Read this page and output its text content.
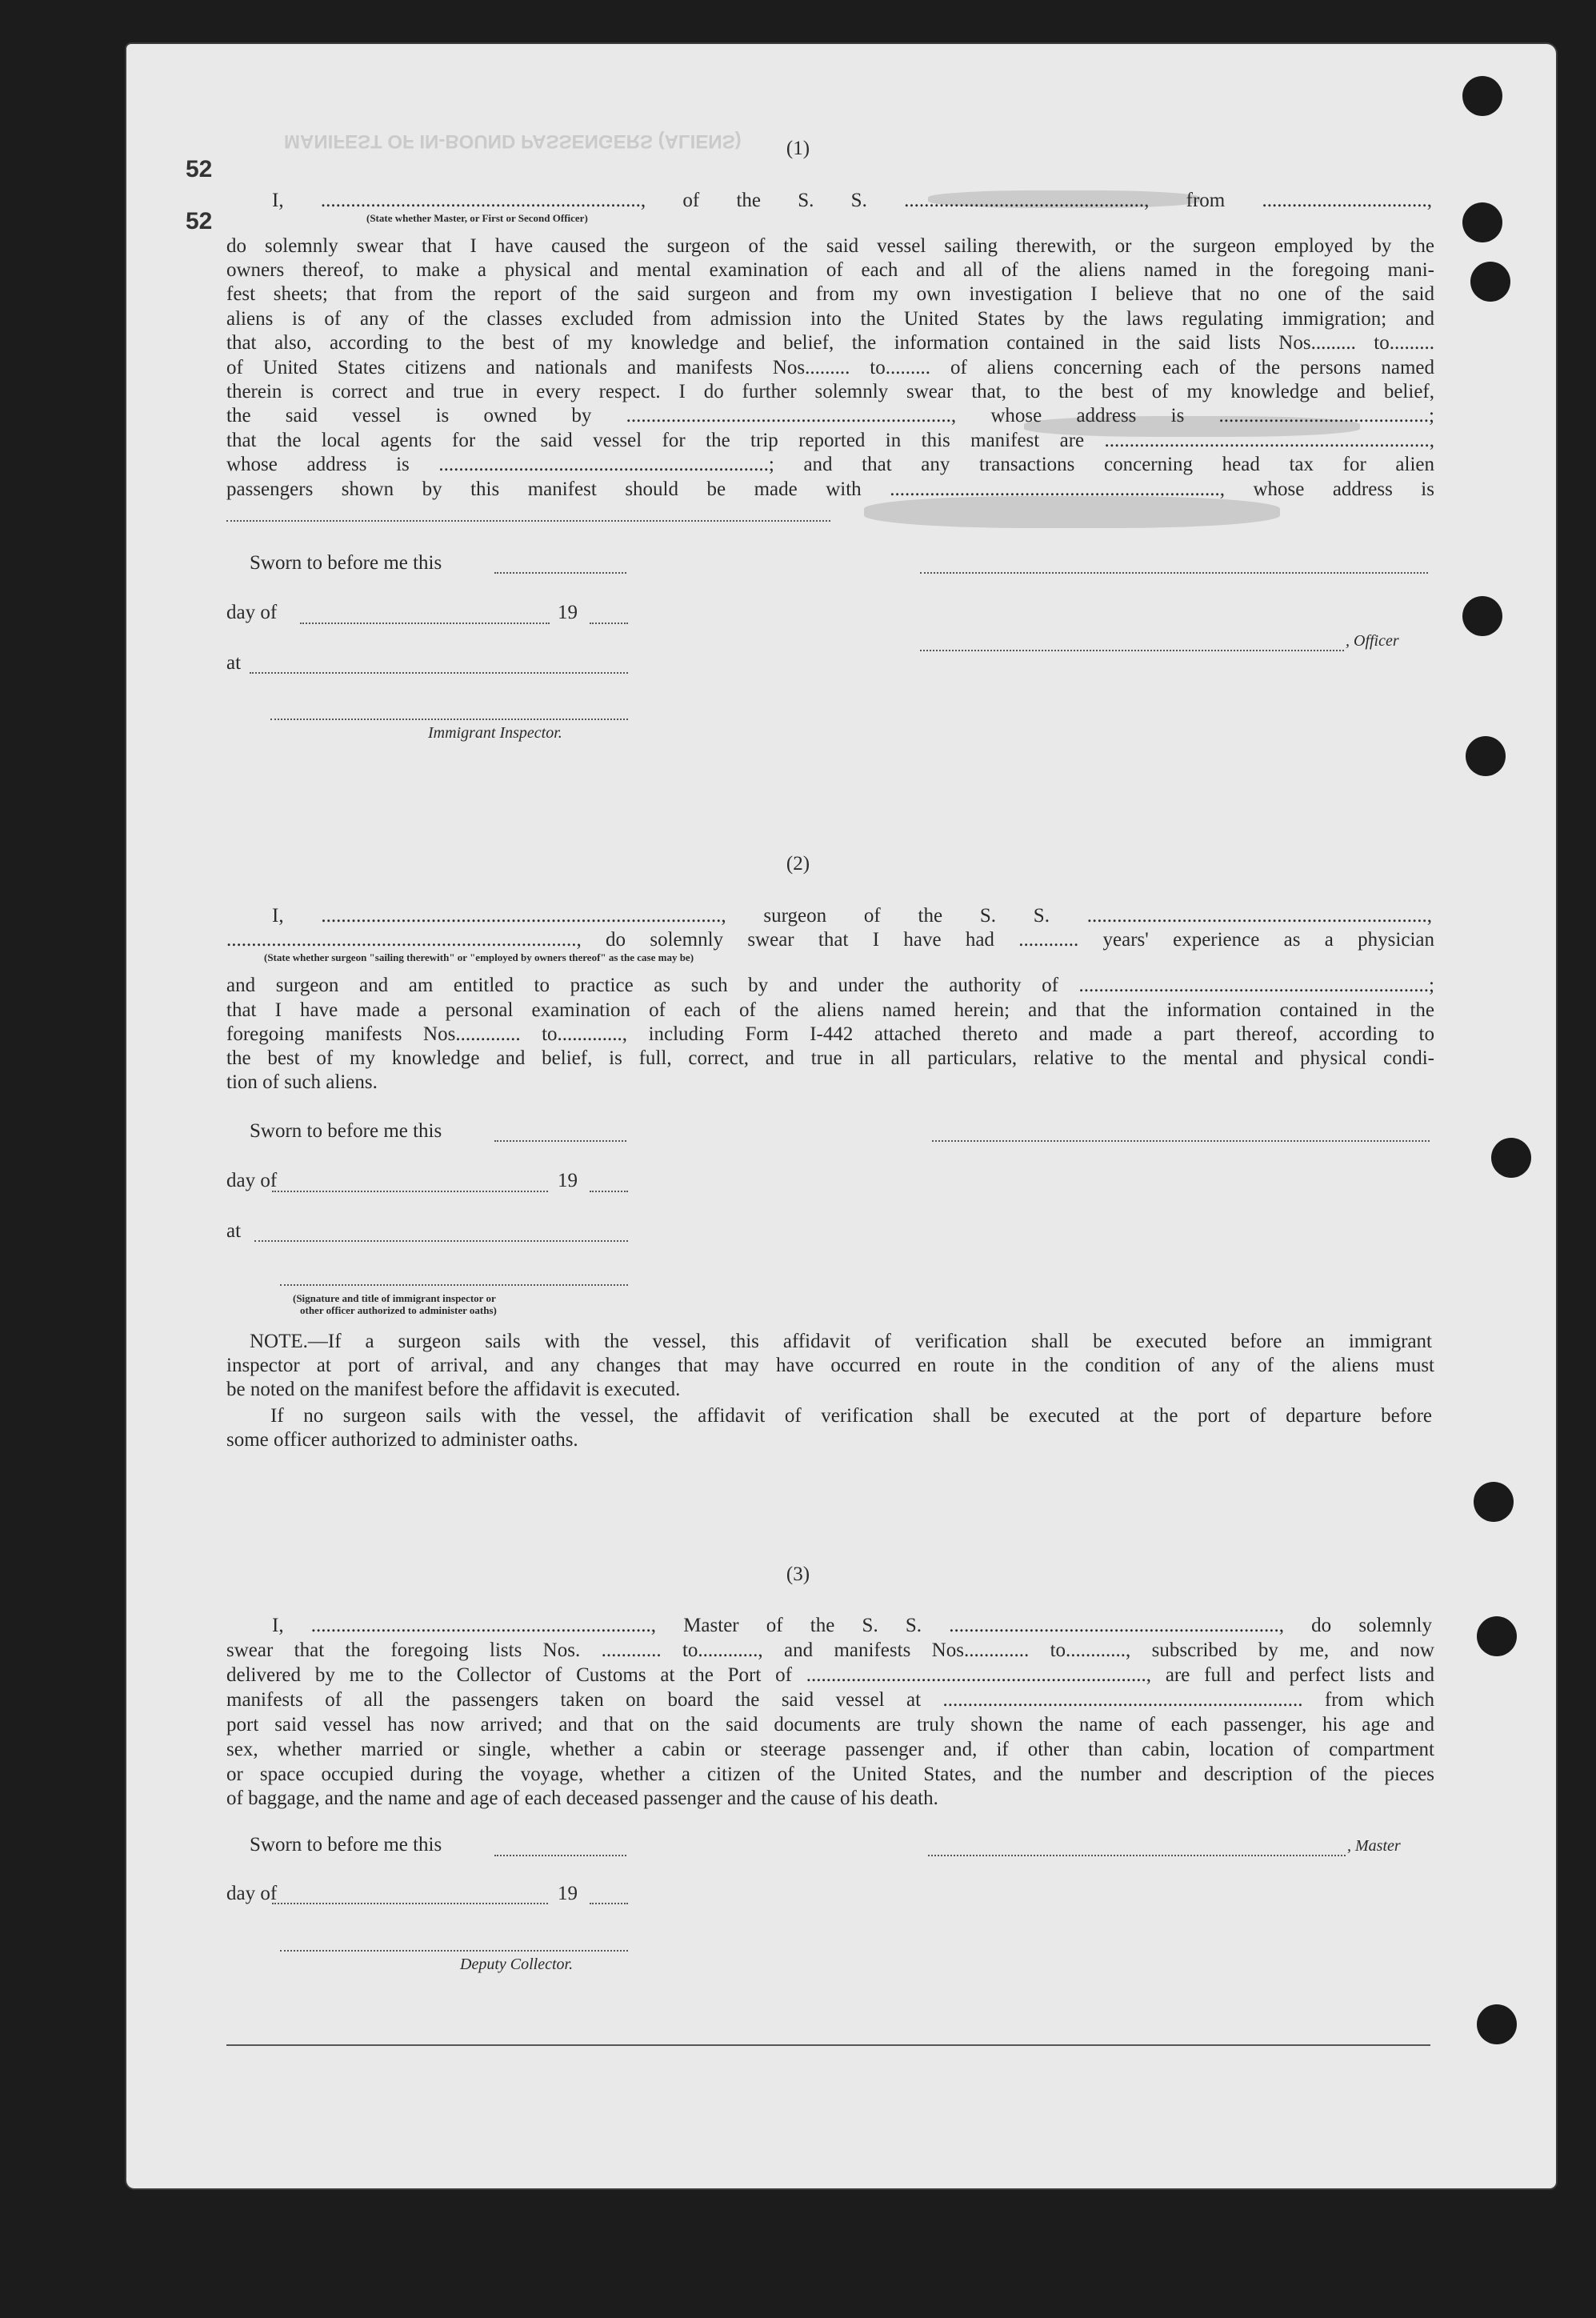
MANIFEST OF IN-BOUND PASSENGERS (ALIENS)
52
52
(1)
I, ................................................................, of the S. S. ................................................, from .................................,
(State whether Master, or First or Second Officer)
do solemnly swear that I have caused the surgeon of the said vessel sailing therewith, or the surgeon employed by the
owners thereof, to make a physical and mental examination of each and all of the aliens named in the foregoing mani-
fest sheets; that from the report of the said surgeon and from my own investigation I believe that no one of the said
aliens is of any of the classes excluded from admission into the United States by the laws regulating immigration; and
that also, according to the best of my knowledge and belief, the information contained in the said lists Nos......... to.........
of United States citizens and nationals and manifests Nos......... to......... of aliens concerning each of the persons named
therein is correct and true in every respect. I do further solemnly swear that, to the best of my knowledge and belief,
the said vessel is owned by ................................................................., whose address is ..........................................;
that the local agents for the said vessel for the trip reported in this manifest are .................................................................,
whose address is ..................................................................; and that any transactions concerning head tax for alien
passengers shown by this manifest should be made with .................................................................., whose address is
Sworn to before me this
day of	19
, Officer
at
Immigrant Inspector.
(2)
I, ................................................................................, surgeon of the S. S. ....................................................................,
......................................................................, do solemnly swear that I have had ............ years' experience as a physician
(State whether surgeon "sailing therewith" or "employed by owners thereof" as the case may be)
and surgeon and am entitled to practice as such by and under the authority of ......................................................................;
that I have made a personal examination of each of the aliens named herein; and that the information contained in the
foregoing manifests Nos............. to............., including Form I-442 attached thereto and made a part thereof, according to
the best of my knowledge and belief, is full, correct, and true in all particulars, relative to the mental and physical condi-
tion of such aliens.
Sworn to before me this
day of	19
at
(Signature and title of immigrant inspector or
other officer authorized to administer oaths)
NOTE.—If a surgeon sails with the vessel, this affidavit of verification shall be executed before an immigrant
inspector at port of arrival, and any changes that may have occurred en route in the condition of any of the aliens must
be noted on the manifest before the affidavit is executed.
If no surgeon sails with the vessel, the affidavit of verification shall be executed at the port of departure before
some officer authorized to administer oaths.
(3)
I, ...................................................................., Master of the S. S. .................................................................., do solemnly
swear that the foregoing lists Nos. ............ to............, and manifests Nos............. to............, subscribed by me, and now
delivered by me to the Collector of Customs at the Port of ...................................................................., are full and perfect lists and
manifests of all the passengers taken on board the said vessel at ........................................................................ from which
port said vessel has now arrived; and that on the said documents are truly shown the name of each passenger, his age and
sex, whether married or single, whether a cabin or steerage passenger and, if other than cabin, location of compartment
or space occupied during the voyage, whether a citizen of the United States, and the number and description of the pieces
of baggage, and the name and age of each deceased passenger and the cause of his death.
Sworn to before me this	, Master
day of	19
Deputy Collector.
